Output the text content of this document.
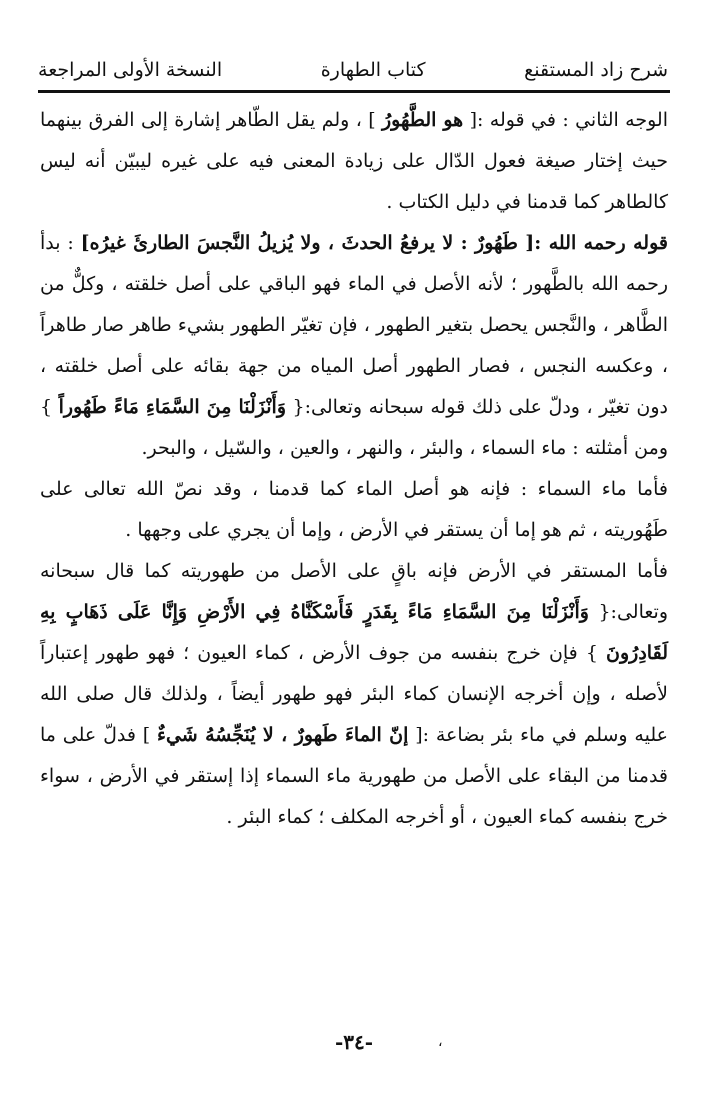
شرح زاد المستقنع
كتاب الطهارة
النسخة الأولى المراجعة

الوجه الثاني : في قوله :[ هو الطَّهُورُ ] ، ولم يقل الطّاهر إشارة إلى الفرق بينهما حيث إختار صيغة فعول الدّال على زيادة المعنى فيه على غيره ليبيّن أنه ليس كالطاهر كما قدمنا في دليل الكتاب .

قوله رحمه الله :[ طَهُورٌ : لا يرفعُ الحدثَ ، ولا يُزيلُ النَّجسَ الطارئَ غيرُه] : بدأ رحمه الله بالطَّهور ؛ لأنه الأصل في الماء فهو الباقي على أصل خلقته ، وكلٌّ من الطَّاهر ، والنَّجس يحصل بتغير الطهور ، فإن تغيّر الطهور بشيء طاهر صار طاهراً ، وعكسه النجس ، فصار الطهور أصل المياه من جهة بقائه على أصل خلقته ، دون تغيّر ، ودلّ على ذلك قوله سبحانه وتعالى:{ وَأَنْزَلْنَا مِنَ السَّمَاءِ مَاءً طَهُوراً } ومن أمثلته : ماء السماء ، والبئر ، والنهر ، والعين ، والسّيل ، والبحر.

فأما ماء السماء : فإنه هو أصل الماء كما قدمنا ، وقد نصّ الله تعالى على طَهُوريته ، ثم هو إما أن يستقر في الأرض ، وإما أن يجري على وجهها .

فأما المستقر في الأرض فإنه باقٍ على الأصل من طهوريته كما قال سبحانه وتعالى:{ وَأَنْزَلْنَا مِنَ السَّمَاءِ مَاءً بِقَدَرٍ فَأَسْكَنَّاهُ فِي الأَرْضِ وَإِنَّا عَلَى ذَهَابٍ بِهِ لَقَادِرُونَ } فإن خرج بنفسه من جوف الأرض ، كماء العيون ؛ فهو طهور إعتباراً لأصله ، وإن أخرجه الإنسان كماء البئر فهو طهور أيضاً ، ولذلك قال صلى الله عليه وسلم في ماء بئر بضاعة :[ إنّ الماءَ طَهورٌ ، لا يُنَجِّسُهُ شَيءٌ ] فدلّ على ما قدمنا من البقاء على الأصل من طهورية ماء السماء إذا إستقر في الأرض ، سواء خرج بنفسه كماء العيون ، أو أخرجه المكلف ؛ كماء البئر .

-٣٤-	،
